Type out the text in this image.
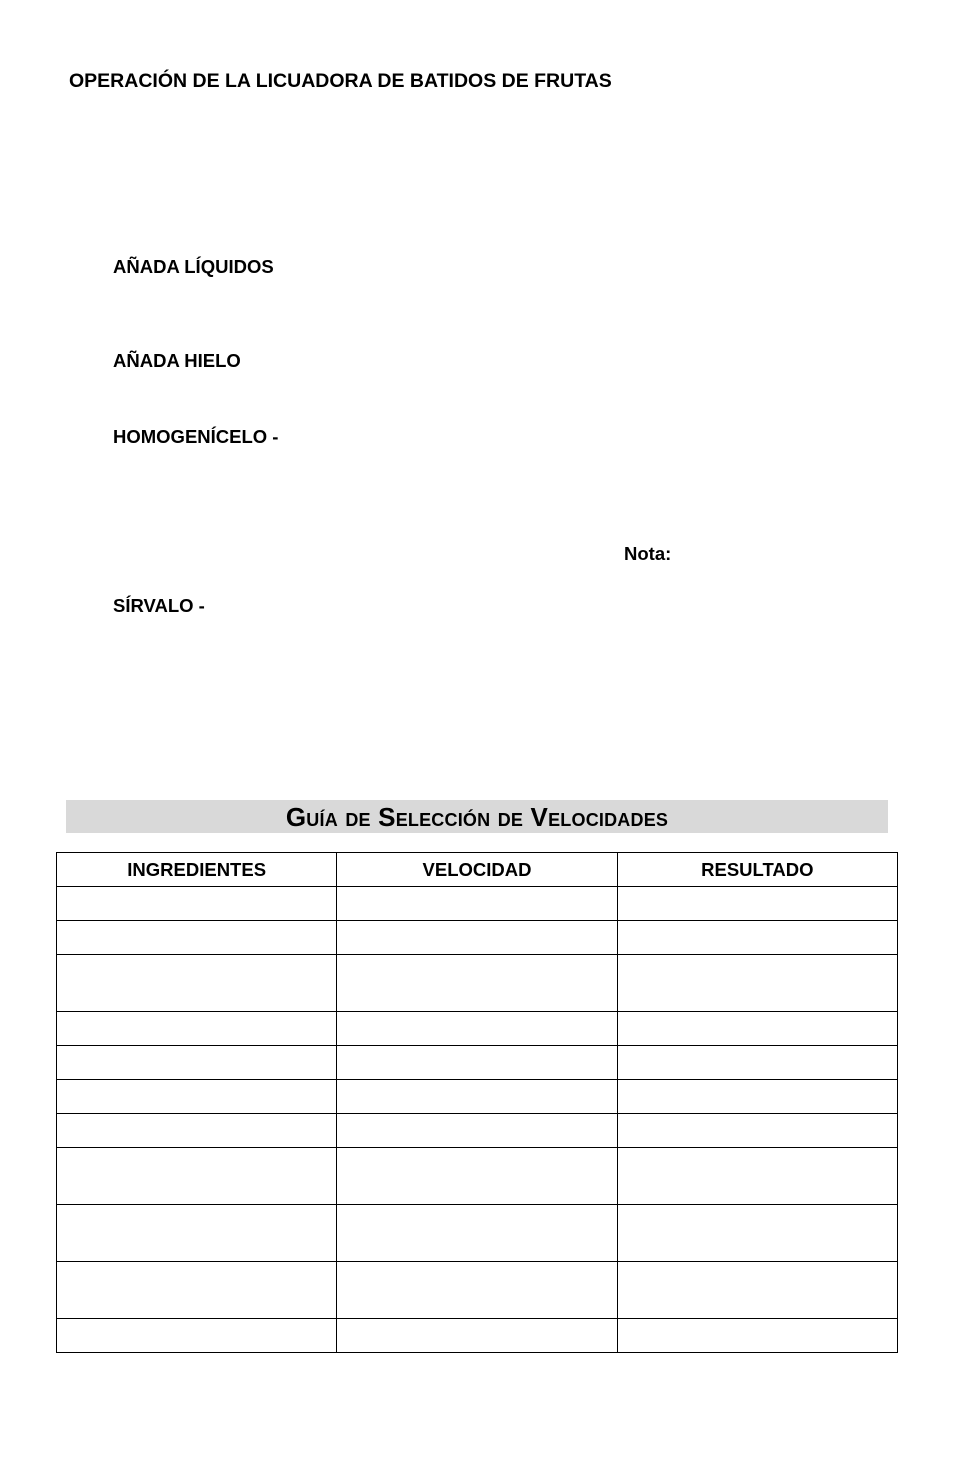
OPERACIÓN DE LA LICUADORA DE BATIDOS DE FRUTAS
AÑADA LÍQUIDOS
AÑADA HIELO
HOMOGENÍCELO -
Nota:
SÍRVALO -
Guía de Selección de Velocidades
INGREDIENTES	VELOCIDAD	RESULTADO
